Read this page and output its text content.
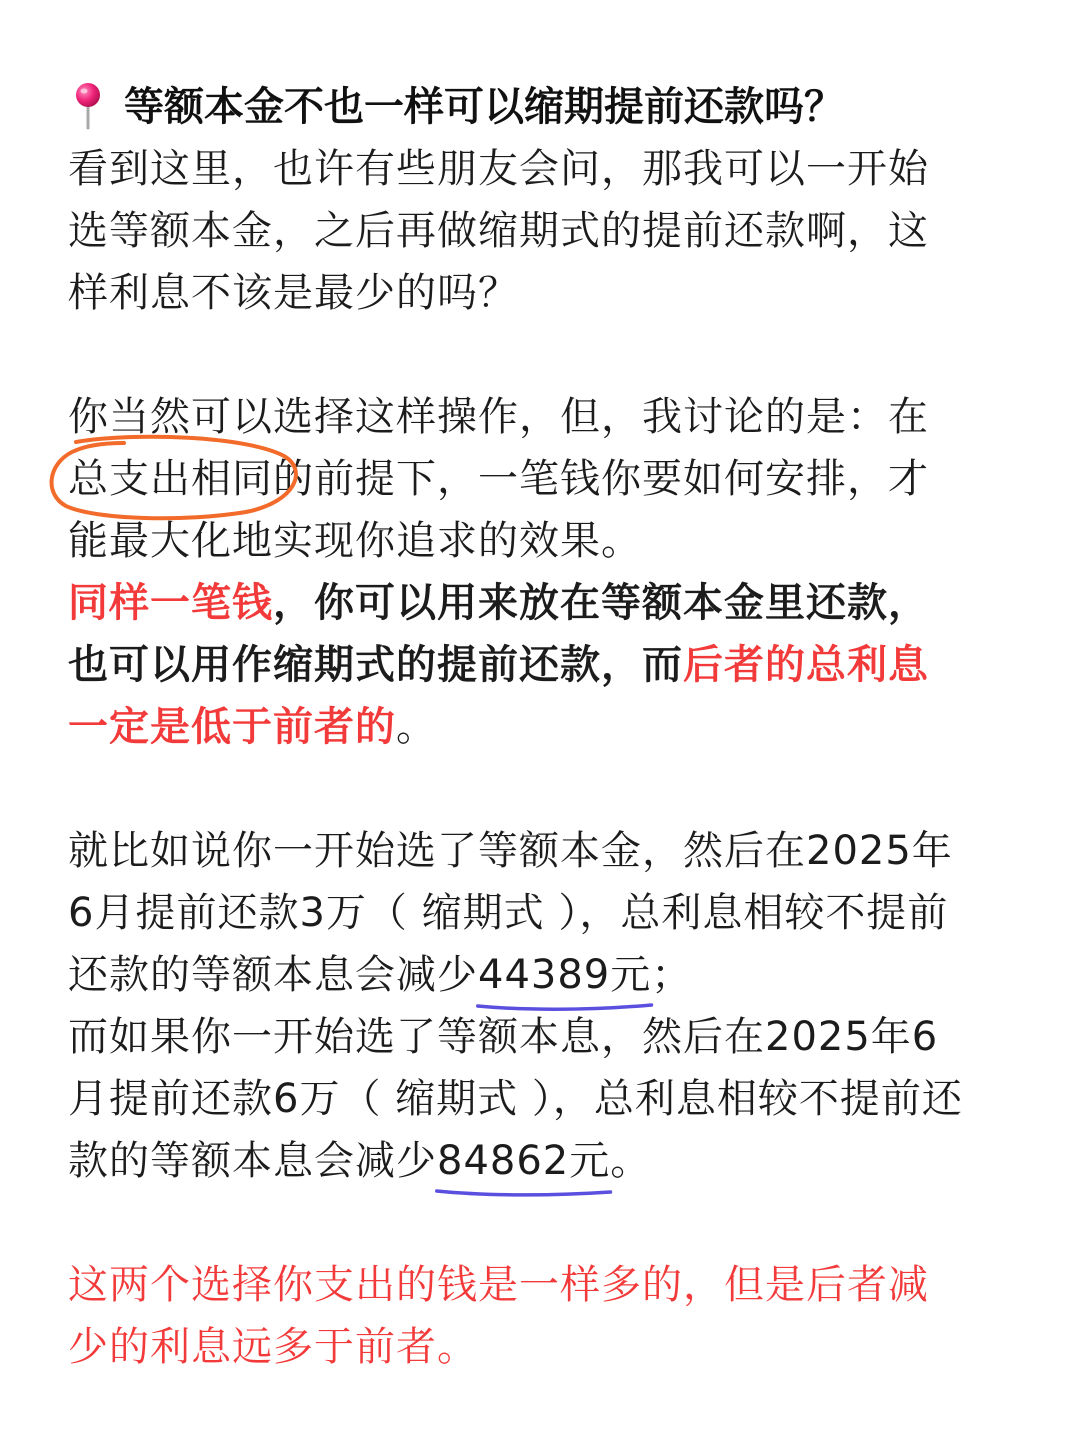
等额本金不也一样可以缩期提前还款吗？
看到这里，也许有些朋友会问，那我可以一开始
选等额本金，之后再做缩期式的提前还款啊，这
样利息不该是最少的吗？
你当然可以选择这样操作，但，我讨论的是：在
总支出相同的前提下，一笔钱你要如何安排，才
能最大化地实现你追求的效果。
同样一笔钱，你可以用来放在等额本金里还款，
也可以用作缩期式的提前还款，而后者的总利息
一定是低于前者的。
就比如说你一开始选了等额本金，然后在2025年
6月提前还款3万（ 缩期式 ），总利息相较不提前
还款的等额本息会减少44389元
；
而如果你一开始选了等额本息，然后在2025年6
月提前还款6万（ 缩期式 ），总利息相较不提前还
款的等额本息会减少84862元
。
这两个选择你支出的钱是一样多的，但是后者减
少的利息远多于前者。
